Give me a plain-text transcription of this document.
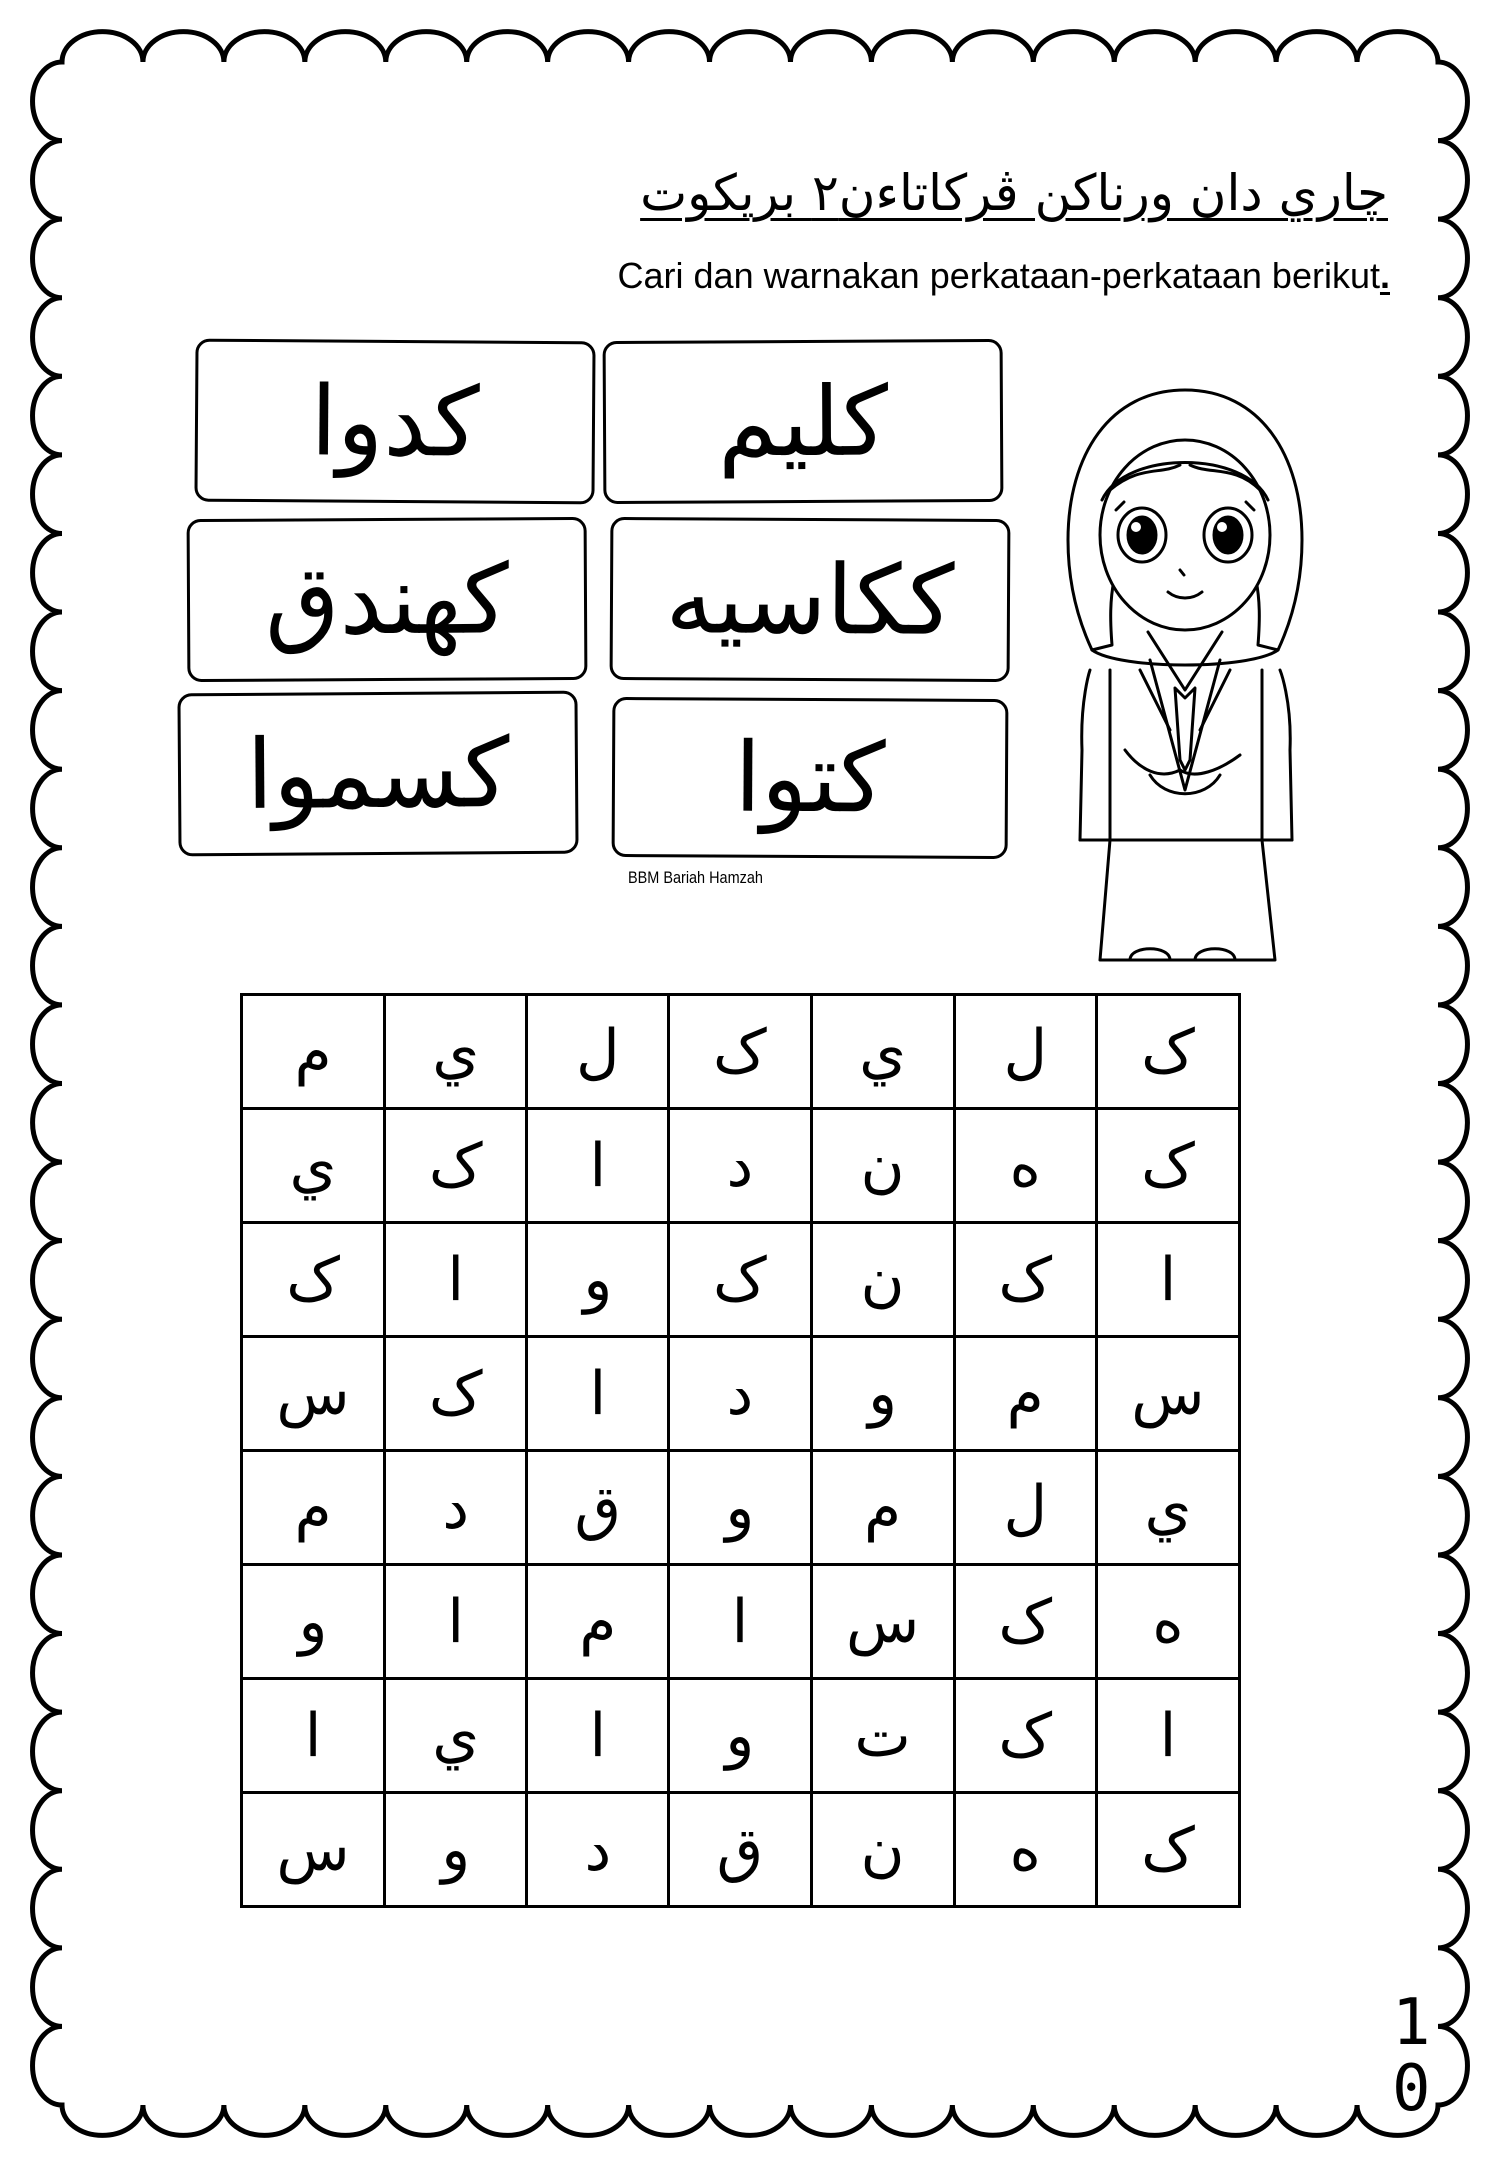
چاري دان ورناکن ڤرکاتاءن٢ بريکوت
Cari dan warnakan perkataan-perkataan berikut.
کدوا	کليم
کهندق	ککاسيه
کسموا	کتوا
BBM Bariah Hamzah
م	ي	ل	ک	ي	ل	ک
ي	ک	ا	د	ن	ه	ک
ک	ا	و	ک	ن	ک	ا
س	ک	ا	د	و	م	س
م	د	ق	و	م	ل	ي
و	ا	م	ا	س	ک	ه
ا	ي	ا	و	ت	ک	ا
س	و	د	ق	ن	ه	ک
10
